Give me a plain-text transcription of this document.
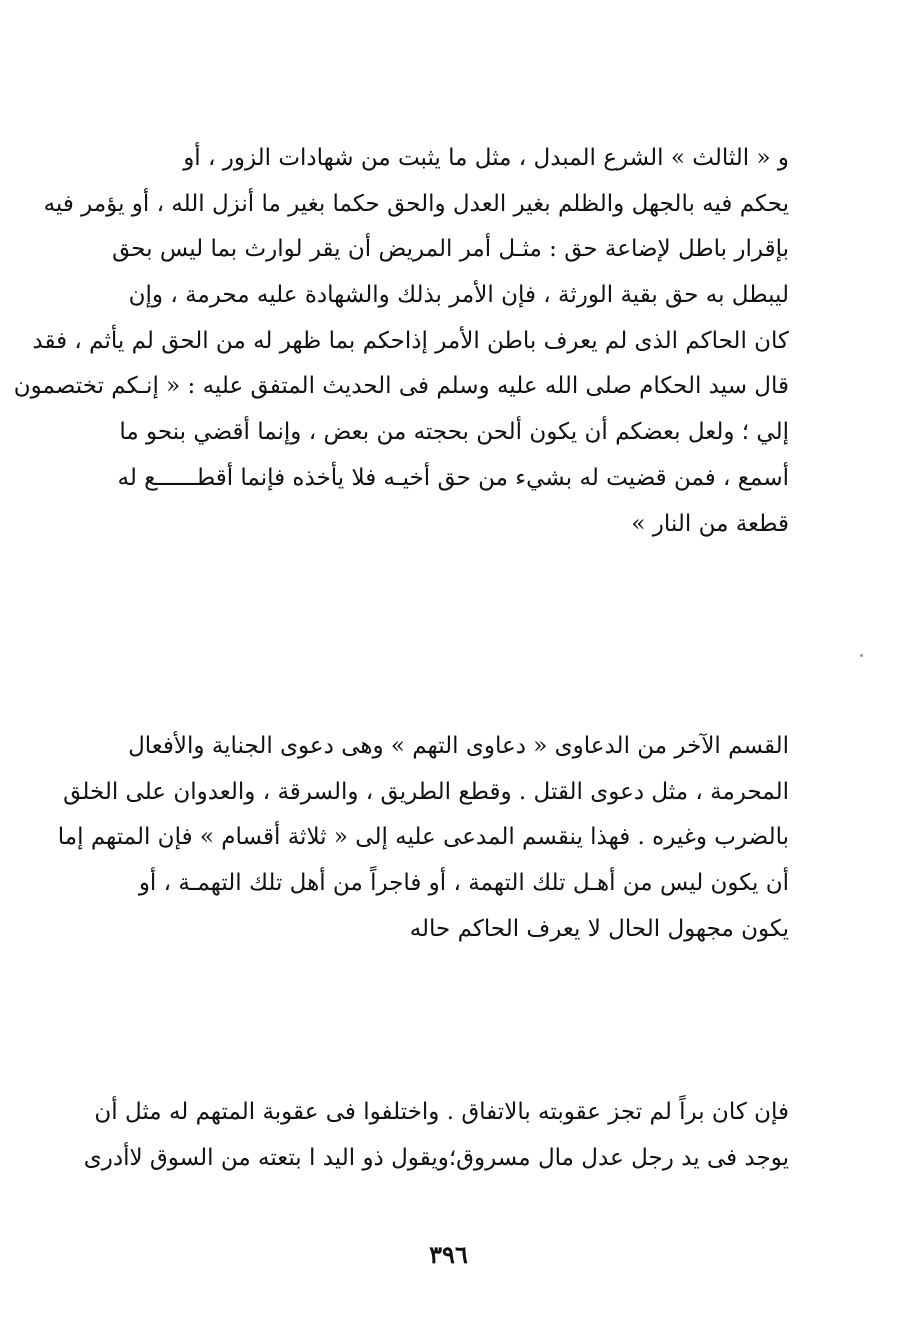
و « الثالث » الشرع المبدل ، مثل ما يثبت من شهادات الزور ، أو
يحكم فيه بالجهل والظلم بغير العدل والحق حكما بغير ما أنزل الله ، أو يؤمر فيه
بإقرار باطل لإضاعة حق : مثـل أمر المريض أن يقر لوارث بما ليس بحق
ليبطل به حق بقية الورثة ، فإن الأمر بذلك والشهادة عليه محرمة ، وإن
كان الحاكم الذى لم يعرف باطن الأمر إذاحكم بما ظهر له من الحق لم يأثم ، فقد
قال سيد الحكام صلى الله عليه وسلم فى الحديث المتفق عليه : « إنـكم تختصمون
إلي ؛ ولعل بعضكم أن يكون ألحن بحجته من بعض ، وإنما أقضي بنحو ما
أسمع ، فمن قضيت له بشيء من حق أخيـه فلا يأخذه فإنما أقطــــــع له
قطعة من النار »
القسم الآخر من الدعاوى « دعاوى التهم » وهى دعوى الجناية والأفعال
المحرمة ، مثل دعوى القتل . وقطع الطريق ، والسرقة ، والعدوان على الخلق
بالضرب وغيره . فهذا ينقسم المدعى عليه إلى « ثلاثة أقسام » فإن المتهم إما
أن يكون ليس من أهـل تلك التهمة ، أو فاجراً من أهل تلك التهمـة ، أو
يكون مجهول الحال لا يعرف الحاكم حاله
فإن كان براً لم تجز عقوبته بالاتفاق . واختلفوا فى عقوبة المتهم له مثل أن
يوجد فى يد رجل عدل مال مسروق؛ويقول ذو اليد ا بتعته من السوق لاأدرى
٣٩٦
